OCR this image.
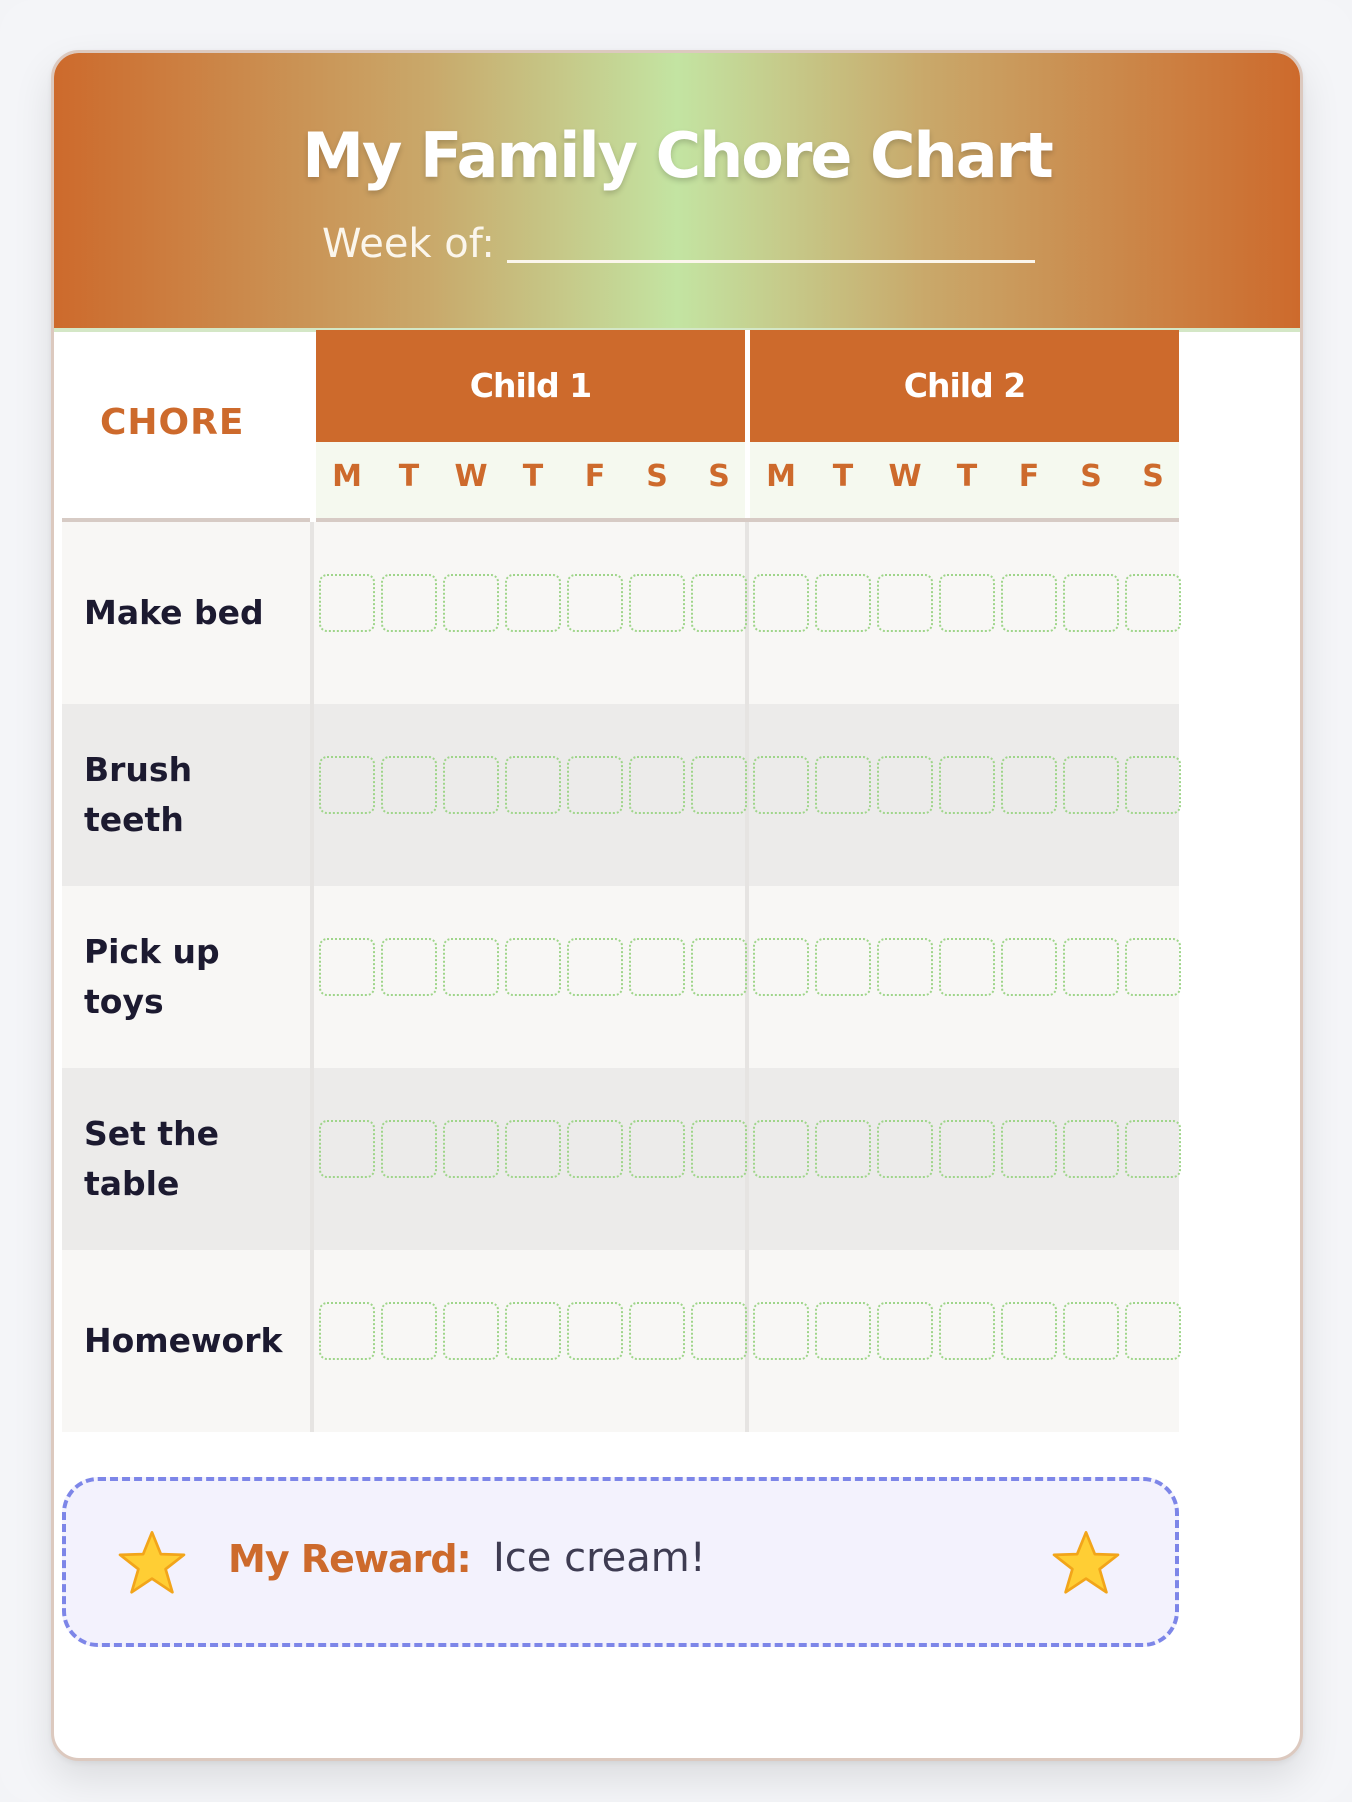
My Family Chore Chart
Week of:
CHORE
Child 1	Child 2
M	T	W	T	F	S	S	M	T	W	T	F	S	S
Make bed
Brush teeth
Pick up toys
Set the table
Homework
My Reward: Ice cream!
